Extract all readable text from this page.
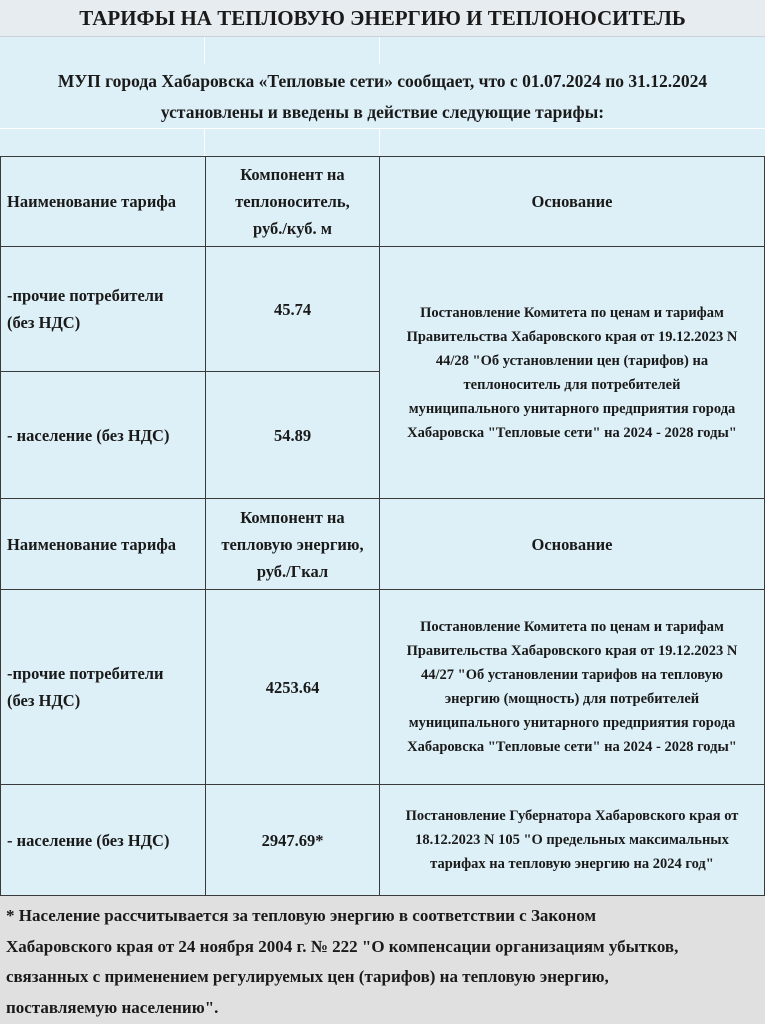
ТАРИФЫ НА ТЕПЛОВУЮ ЭНЕРГИЮ И ТЕПЛОНОСИТЕЛЬ
МУП города Хабаровска «Тепловые сети» сообщает, что с 01.07.2024 по 31.12.2024
установлены и введены в действие следующие тарифы:
Наименование тарифа
Компонент на
теплоноситель,
руб./куб. м
Основание
-прочие потребители
(без НДС)
45.74
- население (без НДС)	54.89
Постановление Комитета по ценам и тарифам
Правительства Хабаровского края от 19.12.2023 N
44/28 "Об установлении цен (тарифов) на
теплоноситель для потребителей
муниципального унитарного предприятия города
Хабаровска "Тепловые сети" на 2024 - 2028 годы"
Наименование тарифа
Компонент на
тепловую энергию,
руб./Гкал
Основание
-прочие потребители
(без НДС)
4253.64
Постановление Комитета по ценам и тарифам
Правительства Хабаровского края от 19.12.2023 N
44/27 "Об установлении тарифов на тепловую
энергию (мощность) для потребителей
муниципального унитарного предприятия города
Хабаровска "Тепловые сети" на 2024 - 2028 годы"
- население (без НДС)	2947.69*
Постановление Губернатора Хабаровского края от
18.12.2023 N 105 "О предельных максимальных
тарифах на тепловую энергию на 2024 год"
* Население рассчитывается за тепловую энергию в соответствии с Законом
Хабаровского края от 24 ноября 2004 г. № 222 "О компенсации организациям убытков,
связанных с применением регулируемых цен (тарифов) на тепловую энергию,
поставляемую населению".
